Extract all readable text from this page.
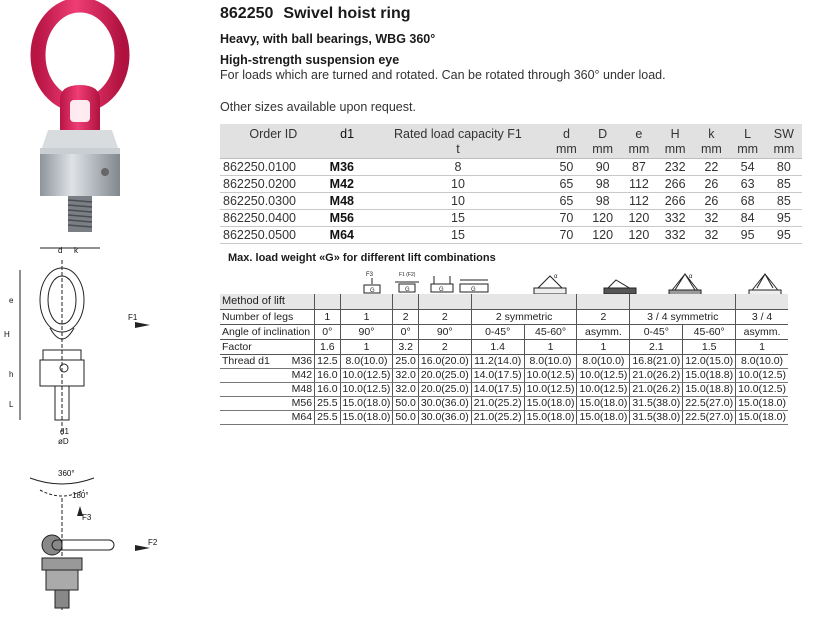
d k
e
H
h
L
F1
d1
øD
360°
180°
F3
F2
862250 Swivel hoist ring
Heavy, with ball bearings, WBG 360°
High-strength suspension eye
For loads which are turned and rotated. Can be rotated through 360° under load.
Other sizes available upon request.
Order ID	d1	Rated load capacity F1	d	D	e	H	k	L	SW
		t	mm	mm	mm	mm	mm	mm	mm
862250.0100	M36	8	50	90	87	232	22	54	80
862250.0200	M42	10	65	98	112	266	26	63	85
862250.0300	M48	10	65	98	112	266	26	68	85
862250.0400	M56	15	70	120	120	332	32	84	95
862250.0500	M64	15	70	120	120	332	32	95	95
Max. load weight «G» for different lift combinations
F3
G
F1 (F2)
G	G	G
α	α
Method of lift											
Number of legs		1	1	2	2	2 symmetric		2	3 / 4 symmetric		3 / 4
Angle of inclination		0°	90°	0°	90°	0-45°	45-60°	asymm.	0-45°	45-60°	asymm.
Factor		1.6	1	3.2	2	1.4	1	1	2.1	1.5	1
Thread d1	M36	12.5	8.0(10.0)	25.0	16.0(20.0)	11.2(14.0)	8.0(10.0)	8.0(10.0)	16.8(21.0)	12.0(15.0)	8.0(10.0)
	M42	16.0	10.0(12.5)	32.0	20.0(25.0)	14.0(17.5)	10.0(12.5)	10.0(12.5)	21.0(26.2)	15.0(18.8)	10.0(12.5)
	M48	16.0	10.0(12.5)	32.0	20.0(25.0)	14.0(17.5)	10.0(12.5)	10.0(12.5)	21.0(26.2)	15.0(18.8)	10.0(12.5)
	M56	25.5	15.0(18.0)	50.0	30.0(36.0)	21.0(25.2)	15.0(18.0)	15.0(18.0)	31.5(38.0)	22.5(27.0)	15.0(18.0)
	M64	25.5	15.0(18.0)	50.0	30.0(36.0)	21.0(25.2)	15.0(18.0)	15.0(18.0)	31.5(38.0)	22.5(27.0)	15.0(18.0)
